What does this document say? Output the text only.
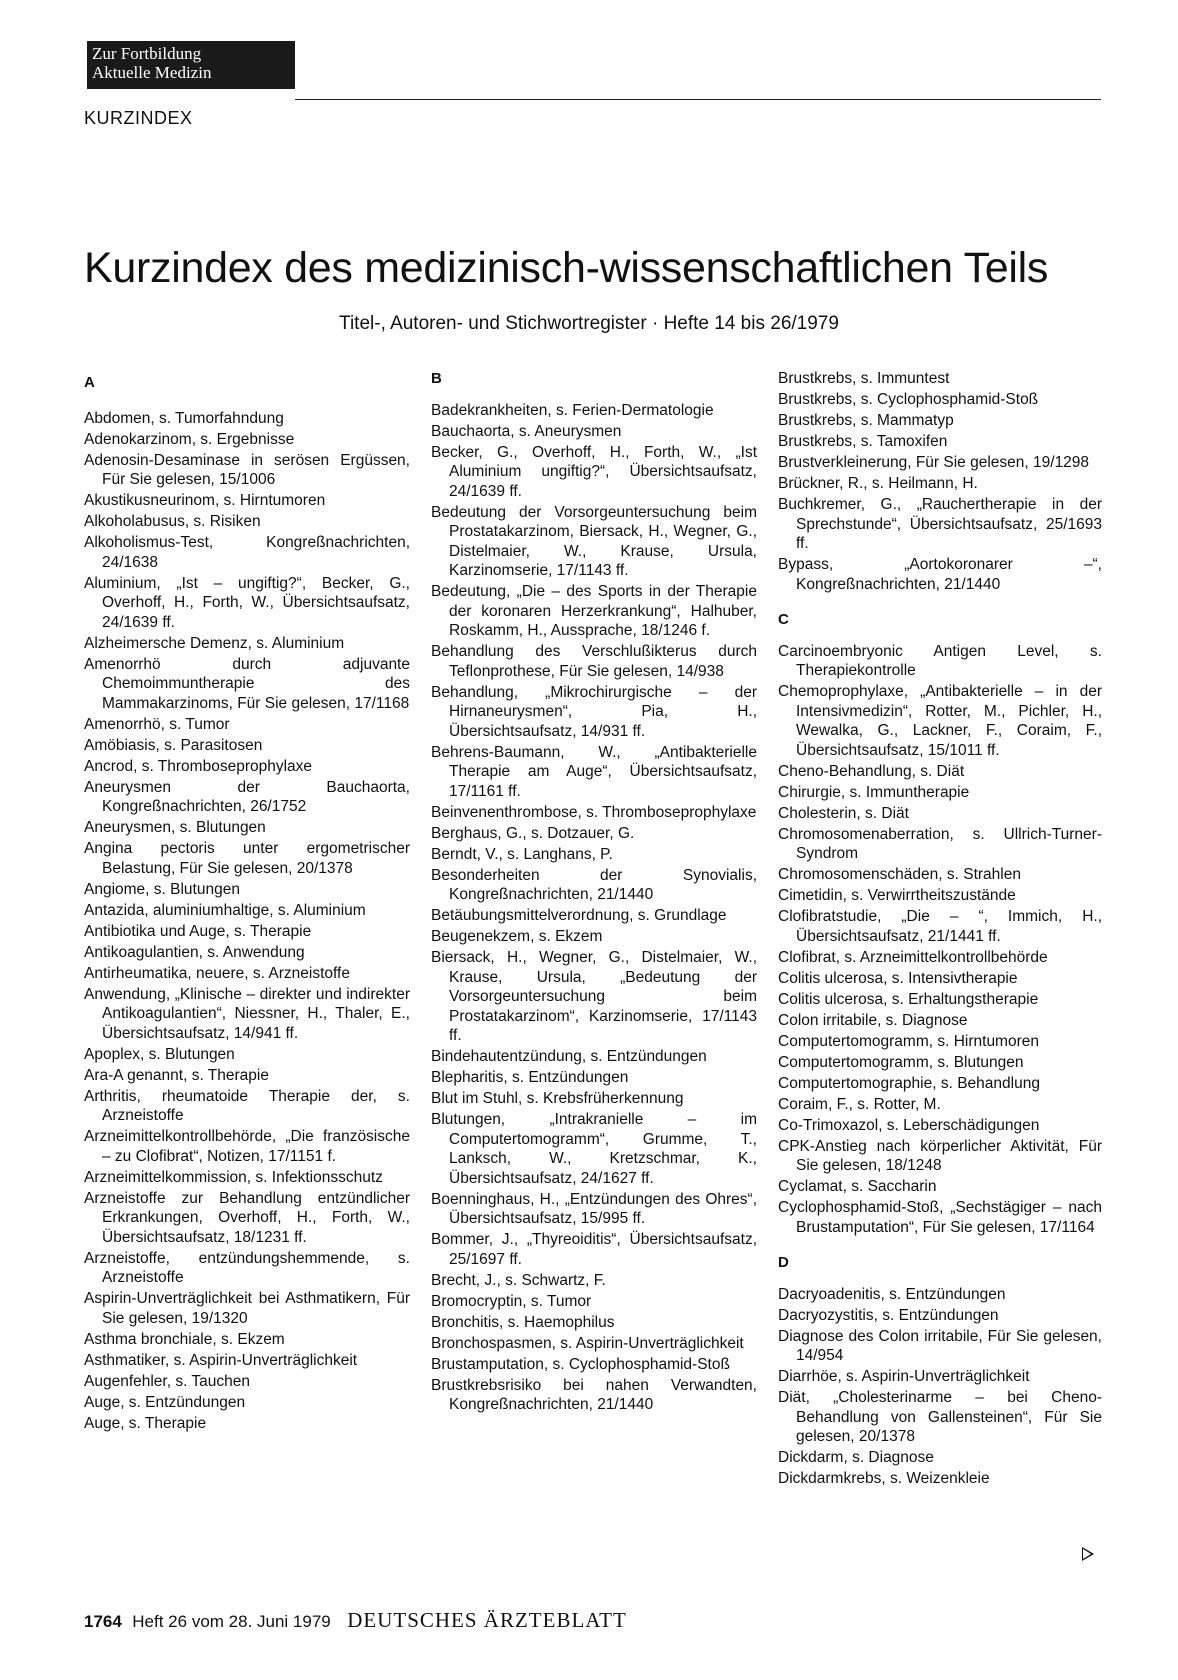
Zur Fortbildung
Aktuelle Medizin
KURZINDEX
Kurzindex des medizinisch-wissenschaftlichen Teils
Titel-, Autoren- und Stichwortregister · Hefte 14 bis 26/1979
A
Abdomen, s. Tumorfahndung
Adenokarzinom, s. Ergebnisse
Adenosin-Desaminase in serösen Ergüssen, Für Sie gelesen, 15/1006
Akustikusneurinom, s. Hirntumoren
Alkoholabusus, s. Risiken
Alkoholismus-Test, Kongreßnachrichten, 24/1638
Aluminium, „Ist – ungiftig?“, Becker, G., Overhoff, H., Forth, W., Übersichtsaufsatz, 24/1639 ff.
Alzheimersche Demenz, s. Aluminium
Amenorrhö durch adjuvante Chemoimmuntherapie des Mammakarzinoms, Für Sie gelesen, 17/1168
Amenorrhö, s. Tumor
Amöbiasis, s. Parasitosen
Ancrod, s. Thromboseprophylaxe
Aneurysmen der Bauchaorta, Kongreßnachrichten, 26/1752
Aneurysmen, s. Blutungen
Angina pectoris unter ergometrischer Belastung, Für Sie gelesen, 20/1378
Angiome, s. Blutungen
Antazida, aluminiumhaltige, s. Aluminium
Antibiotika und Auge, s. Therapie
Antikoagulantien, s. Anwendung
Antirheumatika, neuere, s. Arzneistoffe
Anwendung, „Klinische – direkter und indirekter Antikoagulantien“, Niessner, H., Thaler, E., Übersichtsaufsatz, 14/941 ff.
Apoplex, s. Blutungen
Ara-A genannt, s. Therapie
Arthritis, rheumatoide Therapie der, s. Arzneistoffe
Arzneimittelkontrollbehörde, „Die französische – zu Clofibrat“, Notizen, 17/1151 f.
Arzneimittelkommission, s. Infektionsschutz
Arzneistoffe zur Behandlung entzündlicher Erkrankungen, Overhoff, H., Forth, W., Übersichtsaufsatz, 18/1231 ff.
Arzneistoffe, entzündungshemmende, s. Arzneistoffe
Aspirin-Unverträglichkeit bei Asthmatikern, Für Sie gelesen, 19/1320
Asthma bronchiale, s. Ekzem
Asthmatiker, s. Aspirin-Unverträglichkeit
Augenfehler, s. Tauchen
Auge, s. Entzündungen
Auge, s. Therapie
B
Badekrankheiten, s. Ferien-Dermatologie
Bauchaorta, s. Aneurysmen
Becker, G., Overhoff, H., Forth, W., „Ist Aluminium ungiftig?“, Übersichtsaufsatz, 24/1639 ff.
Bedeutung der Vorsorgeuntersuchung beim Prostatakarzinom, Biersack, H., Wegner, G., Distelmaier, W., Krause, Ursula, Karzinomserie, 17/1143 ff.
Bedeutung, „Die – des Sports in der Therapie der koronaren Herzerkrankung“, Halhuber, Roskamm, H., Aussprache, 18/1246 f.
Behandlung des Verschlußikterus durch Teflonprothese, Für Sie gelesen, 14/938
Behandlung, „Mikrochirurgische – der Hirnaneurysmen“, Pia, H., Übersichtsaufsatz, 14/931 ff.
Behrens-Baumann, W., „Antibakterielle Therapie am Auge“, Übersichtsaufsatz, 17/1161 ff.
Beinvenenthrombose, s. Thromboseprophylaxe
Berghaus, G., s. Dotzauer, G.
Berndt, V., s. Langhans, P.
Besonderheiten der Synovialis, Kongreßnachrichten, 21/1440
Betäubungsmittelverordnung, s. Grundlage
Beugenekzem, s. Ekzem
Biersack, H., Wegner, G., Distelmaier, W., Krause, Ursula, „Bedeutung der Vorsorgeuntersuchung beim Prostatakarzinom“, Karzinomserie, 17/1143 ff.
Bindehautentzündung, s. Entzündungen
Blepharitis, s. Entzündungen
Blut im Stuhl, s. Krebsfrüherkennung
Blutungen, „Intrakranielle – im Computertomogramm“, Grumme, T., Lanksch, W., Kretzschmar, K., Übersichtsaufsatz, 24/1627 ff.
Boenninghaus, H., „Entzündungen des Ohres“, Übersichtsaufsatz, 15/995 ff.
Bommer, J., „Thyreoiditis“, Übersichtsaufsatz, 25/1697 ff.
Brecht, J., s. Schwartz, F.
Bromocryptin, s. Tumor
Bronchitis, s. Haemophilus
Bronchospasmen, s. Aspirin-Unverträglichkeit
Brustamputation, s. Cyclophosphamid-Stoß
Brustkrebsrisiko bei nahen Verwandten, Kongreßnachrichten, 21/1440
Brustkrebs, s. Immuntest
Brustkrebs, s. Cyclophosphamid-Stoß
Brustkrebs, s. Mammatyp
Brustkrebs, s. Tamoxifen
Brustverkleinerung, Für Sie gelesen, 19/1298
Brückner, R., s. Heilmann, H.
Buchkremer, G., „Rauchertherapie in der Sprechstunde“, Übersichtsaufsatz, 25/1693 ff.
Bypass, „Aortokoronarer –“, Kongreßnachrichten, 21/1440
C
Carcinoembryonic Antigen Level, s. Therapiekontrolle
Chemoprophylaxe, „Antibakterielle – in der Intensivmedizin“, Rotter, M., Pichler, H., Wewalka, G., Lackner, F., Coraim, F., Übersichtsaufsatz, 15/1011 ff.
Cheno-Behandlung, s. Diät
Chirurgie, s. Immuntherapie
Cholesterin, s. Diät
Chromosomenaberration, s. Ullrich-Turner-Syndrom
Chromosomenschäden, s. Strahlen
Cimetidin, s. Verwirrtheitszustände
Clofibratstudie, „Die – “, Immich, H., Übersichtsaufsatz, 21/1441 ff.
Clofibrat, s. Arzneimittelkontrollbehörde
Colitis ulcerosa, s. Intensivtherapie
Colitis ulcerosa, s. Erhaltungstherapie
Colon irritabile, s. Diagnose
Computertomogramm, s. Hirntumoren
Computertomogramm, s. Blutungen
Computertomographie, s. Behandlung
Coraim, F., s. Rotter, M.
Co-Trimoxazol, s. Leberschädigungen
CPK-Anstieg nach körperlicher Aktivität, Für Sie gelesen, 18/1248
Cyclamat, s. Saccharin
Cyclophosphamid-Stoß, „Sechstägiger – nach Brustamputation“, Für Sie gelesen, 17/1164
D
Dacryoadenitis, s. Entzündungen
Dacryozystitis, s. Entzündungen
Diagnose des Colon irritabile, Für Sie gelesen, 14/954
Diarrhöe, s. Aspirin-Unverträglichkeit
Diät, „Cholesterinarme – bei Cheno-Behandlung von Gallensteinen“, Für Sie gelesen, 20/1378
Dickdarm, s. Diagnose
Dickdarmkrebs, s. Weizenkleie
1764 Heft 26 vom 28. Juni 1979 DEUTSCHES ÄRZTEBLATT
